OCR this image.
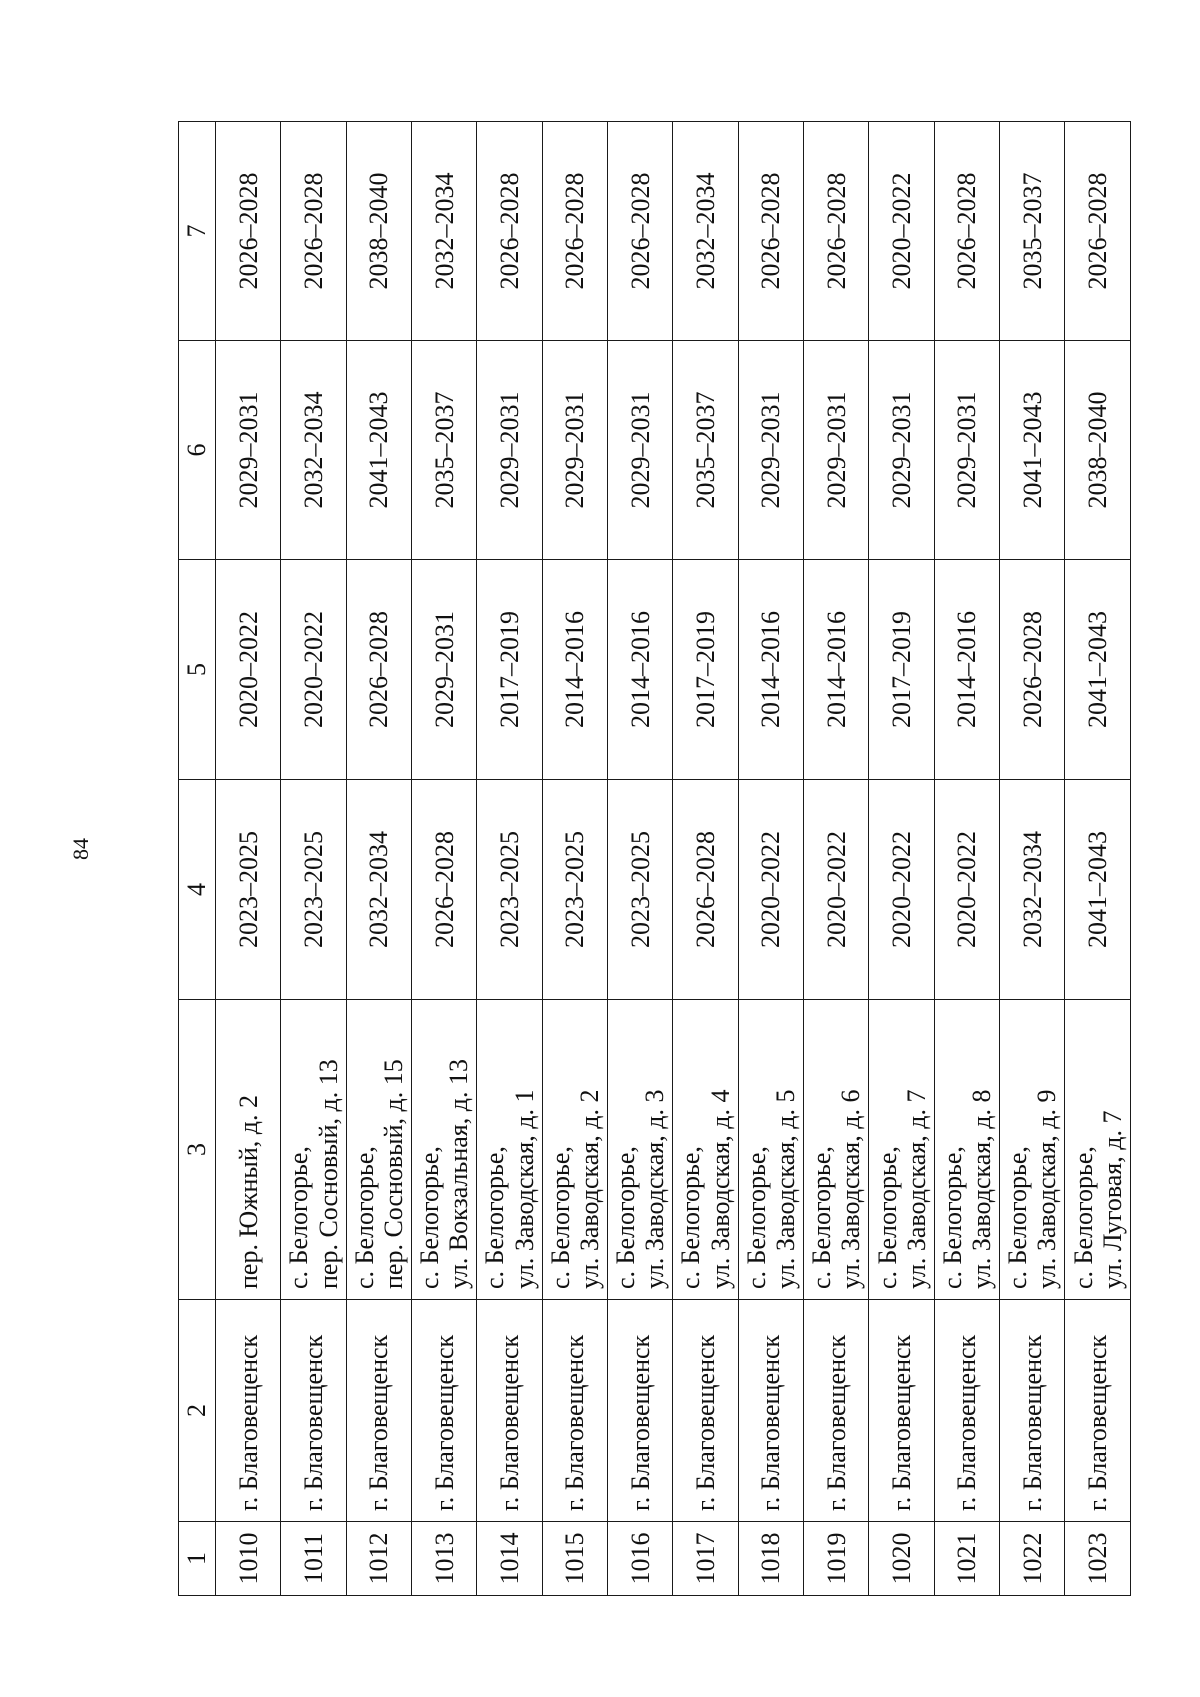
84
1	2	3	4	5	6	7
1010	г. Благовещенск	пер. Южный, д. 2	2023–2025	2020–2022	2029–2031	2026–2028
1011	г. Благовещенск	с. Белогорье, пер. Сосновый, д. 13	2023–2025	2020–2022	2032–2034	2026–2028
1012	г. Благовещенск	с. Белогорье, пер. Сосновый, д. 15	2032–2034	2026–2028	2041–2043	2038–2040
1013	г. Благовещенск	с. Белогорье, ул. Вокзальная, д. 13	2026–2028	2029–2031	2035–2037	2032–2034
1014	г. Благовещенск	с. Белогорье, ул. Заводская, д. 1	2023–2025	2017–2019	2029–2031	2026–2028
1015	г. Благовещенск	с. Белогорье, ул. Заводская, д. 2	2023–2025	2014–2016	2029–2031	2026–2028
1016	г. Благовещенск	с. Белогорье, ул. Заводская, д. 3	2023–2025	2014–2016	2029–2031	2026–2028
1017	г. Благовещенск	с. Белогорье, ул. Заводская, д. 4	2026–2028	2017–2019	2035–2037	2032–2034
1018	г. Благовещенск	с. Белогорье, ул. Заводская, д. 5	2020–2022	2014–2016	2029–2031	2026–2028
1019	г. Благовещенск	с. Белогорье, ул. Заводская, д. 6	2020–2022	2014–2016	2029–2031	2026–2028
1020	г. Благовещенск	с. Белогорье, ул. Заводская, д. 7	2020–2022	2017–2019	2029–2031	2020–2022
1021	г. Благовещенск	с. Белогорье, ул. Заводская, д. 8	2020–2022	2014–2016	2029–2031	2026–2028
1022	г. Благовещенск	с. Белогорье, ул. Заводская, д. 9	2032–2034	2026–2028	2041–2043	2035–2037
1023	г. Благовещенск	с. Белогорье, ул. Луговая, д. 7	2041–2043	2041–2043	2038–2040	2026–2028
